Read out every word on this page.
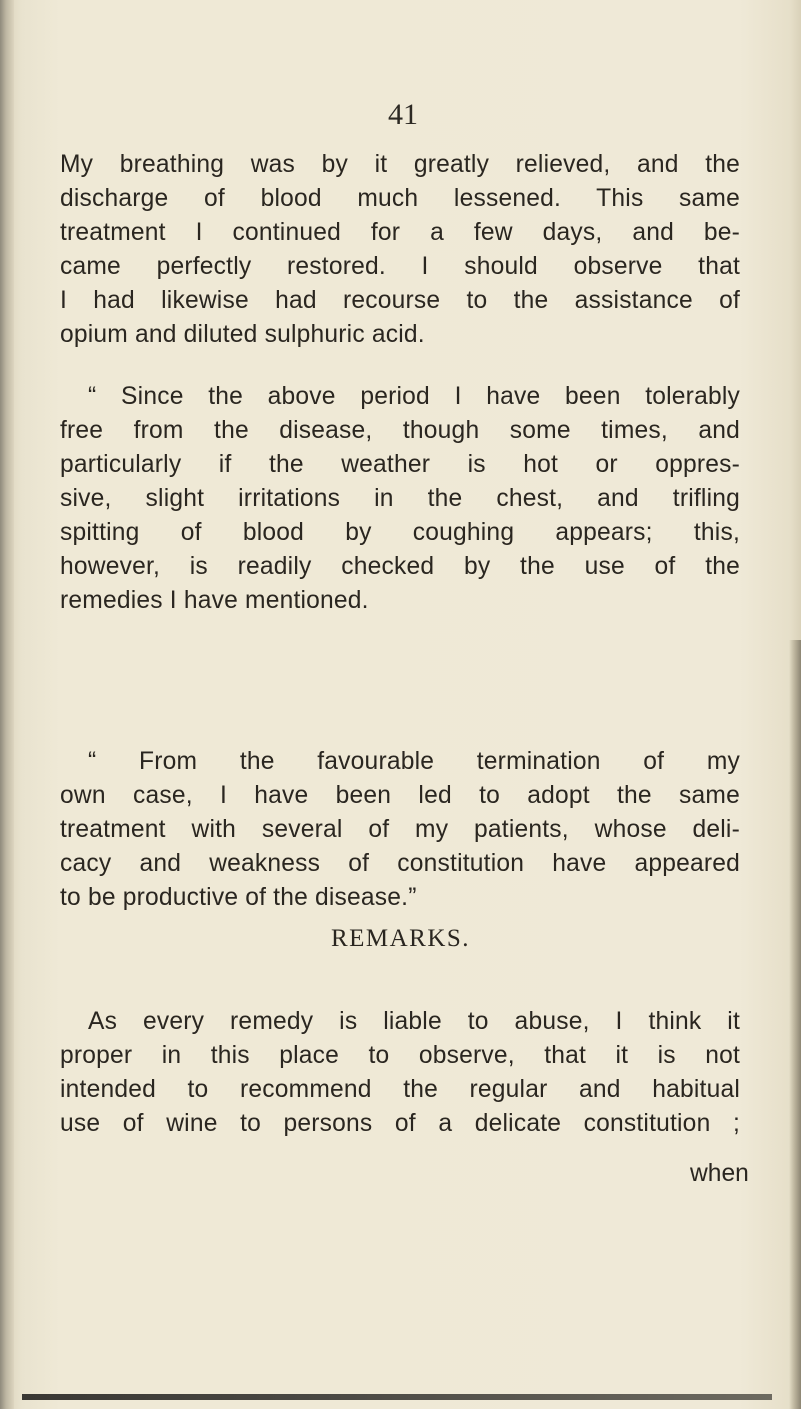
41
My breathing was by it greatly relieved, and the
discharge of blood much lessened. This same
treatment I continued for a few days, and be-
came perfectly restored. I should observe that
I had likewise had recourse to the assistance of
opium and diluted sulphuric acid.
“ Since the above period I have been tolerably
free from the disease, though some times, and
particularly if the weather is hot or oppres-
sive, slight irritations in the chest, and trifling
spitting of blood by coughing appears; this,
however, is readily checked by the use of the
remedies I have mentioned.
“ From the favourable termination of my
own case, I have been led to adopt the same
treatment with several of my patients, whose deli-
cacy and weakness of constitution have appeared
to be productive of the disease.”
REMARKS.
As every remedy is liable to abuse, I think it
proper in this place to observe, that it is not
intended to recommend the regular and habitual
use of wine to persons of a delicate constitution ;
when
